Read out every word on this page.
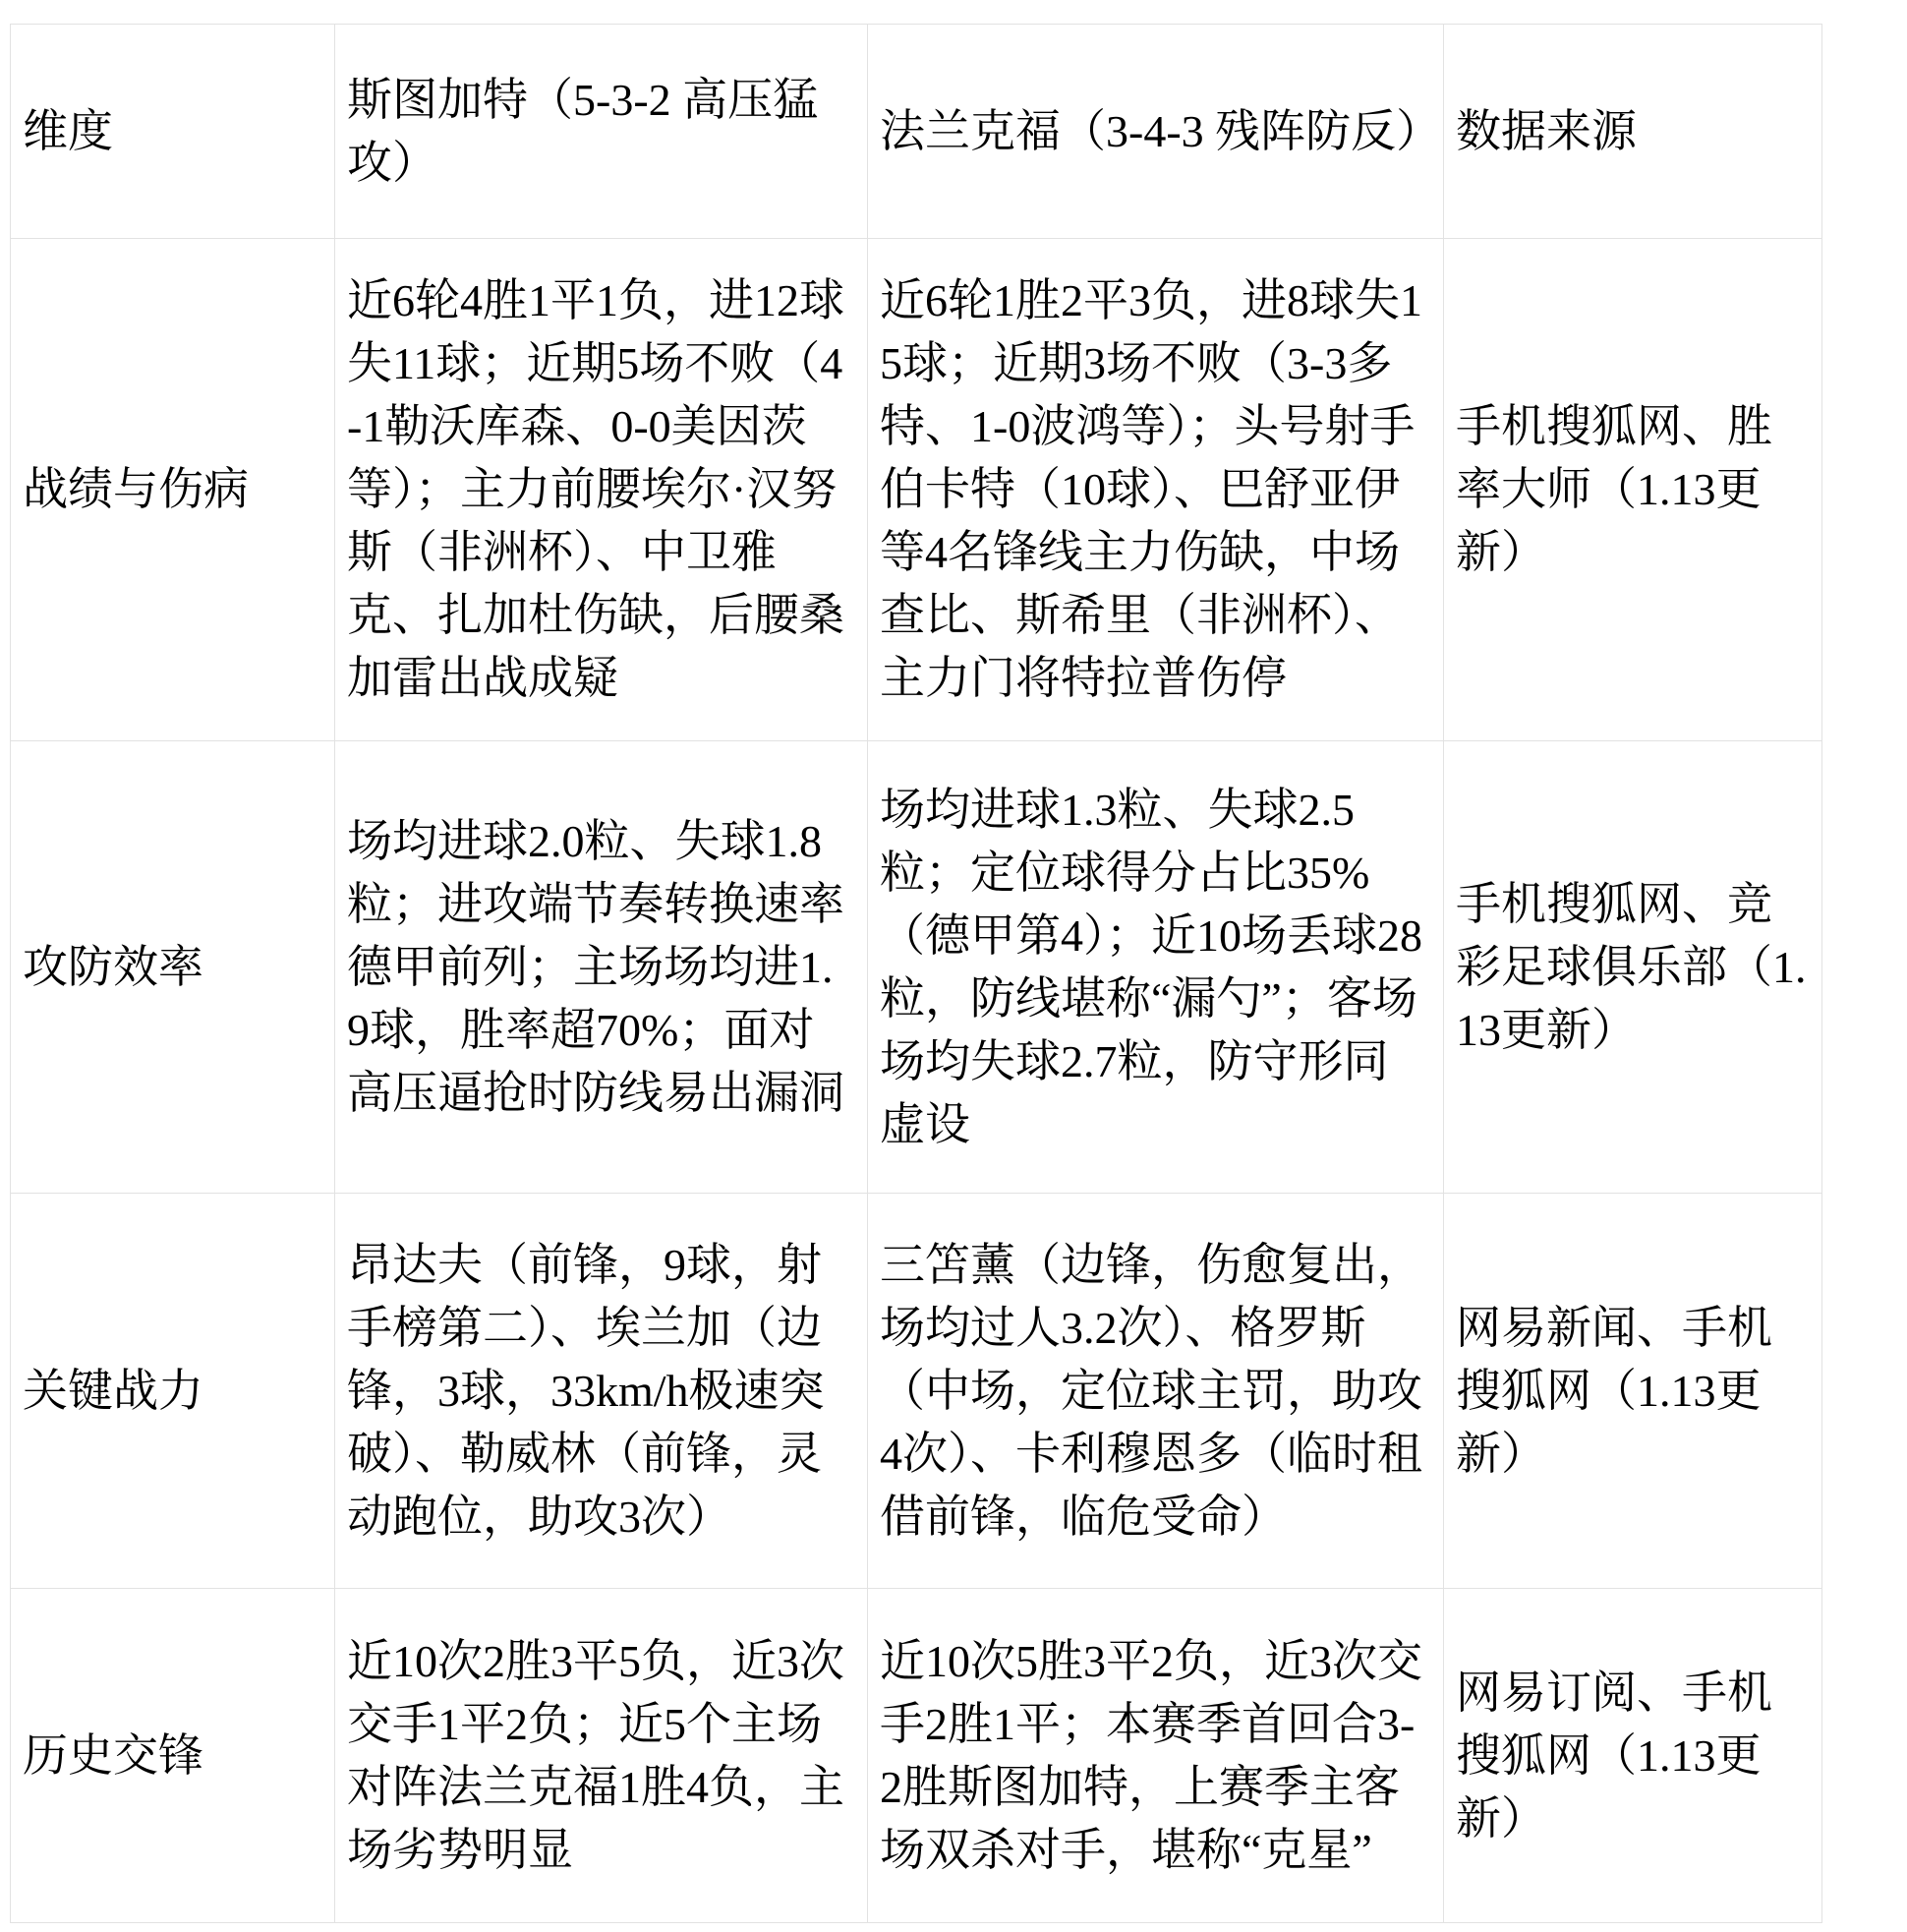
维度	斯图加特（5-3-2 高压猛攻）	法兰克福（3-4-3 残阵防反）	数据来源
战绩与伤病	近6轮4胜1平1负，进12球失11球；近期5场不败（4-1勒沃库森、0-0美因茨等）；主力前腰埃尔·汉努斯（非洲杯）、中卫雅克、扎加杜伤缺，后腰桑加雷出战成疑	近6轮1胜2平3负，进8球失15球；近期3场不败（3-3多特、1-0波鸿等）；头号射手伯卡特（10球）、巴舒亚伊等4名锋线主力伤缺，中场查比、斯希里（非洲杯）、主力门将特拉普伤停	手机搜狐网、胜率大师（1.13更新）
攻防效率	场均进球2.0粒、失球1.8粒；进攻端节奏转换速率德甲前列；主场场均进1.9球，胜率超70%；面对高压逼抢时防线易出漏洞	场均进球1.3粒、失球2.5粒；定位球得分占比35%（德甲第4）；近10场丢球28粒，防线堪称“漏勺”；客场场均失球2.7粒，防守形同虚设	手机搜狐网、竞彩足球俱乐部（1.13更新）
关键战力	昂达夫（前锋，9球，射手榜第二）、埃兰加（边锋，3球，33km/h极速突破）、勒威林（前锋，灵动跑位，助攻3次）	三笘薰（边锋，伤愈复出，场均过人3.2次）、格罗斯（中场，定位球主罚，助攻4次）、卡利穆恩多（临时租借前锋，临危受命）	网易新闻、手机搜狐网（1.13更新）
历史交锋	近10次2胜3平5负，近3次交手1平2负；近5个主场对阵法兰克福1胜4负，主场劣势明显	近10次5胜3平2负，近3次交手2胜1平；本赛季首回合3-2胜斯图加特，上赛季主客场双杀对手，堪称“克星”	网易订阅、手机搜狐网（1.13更新）
